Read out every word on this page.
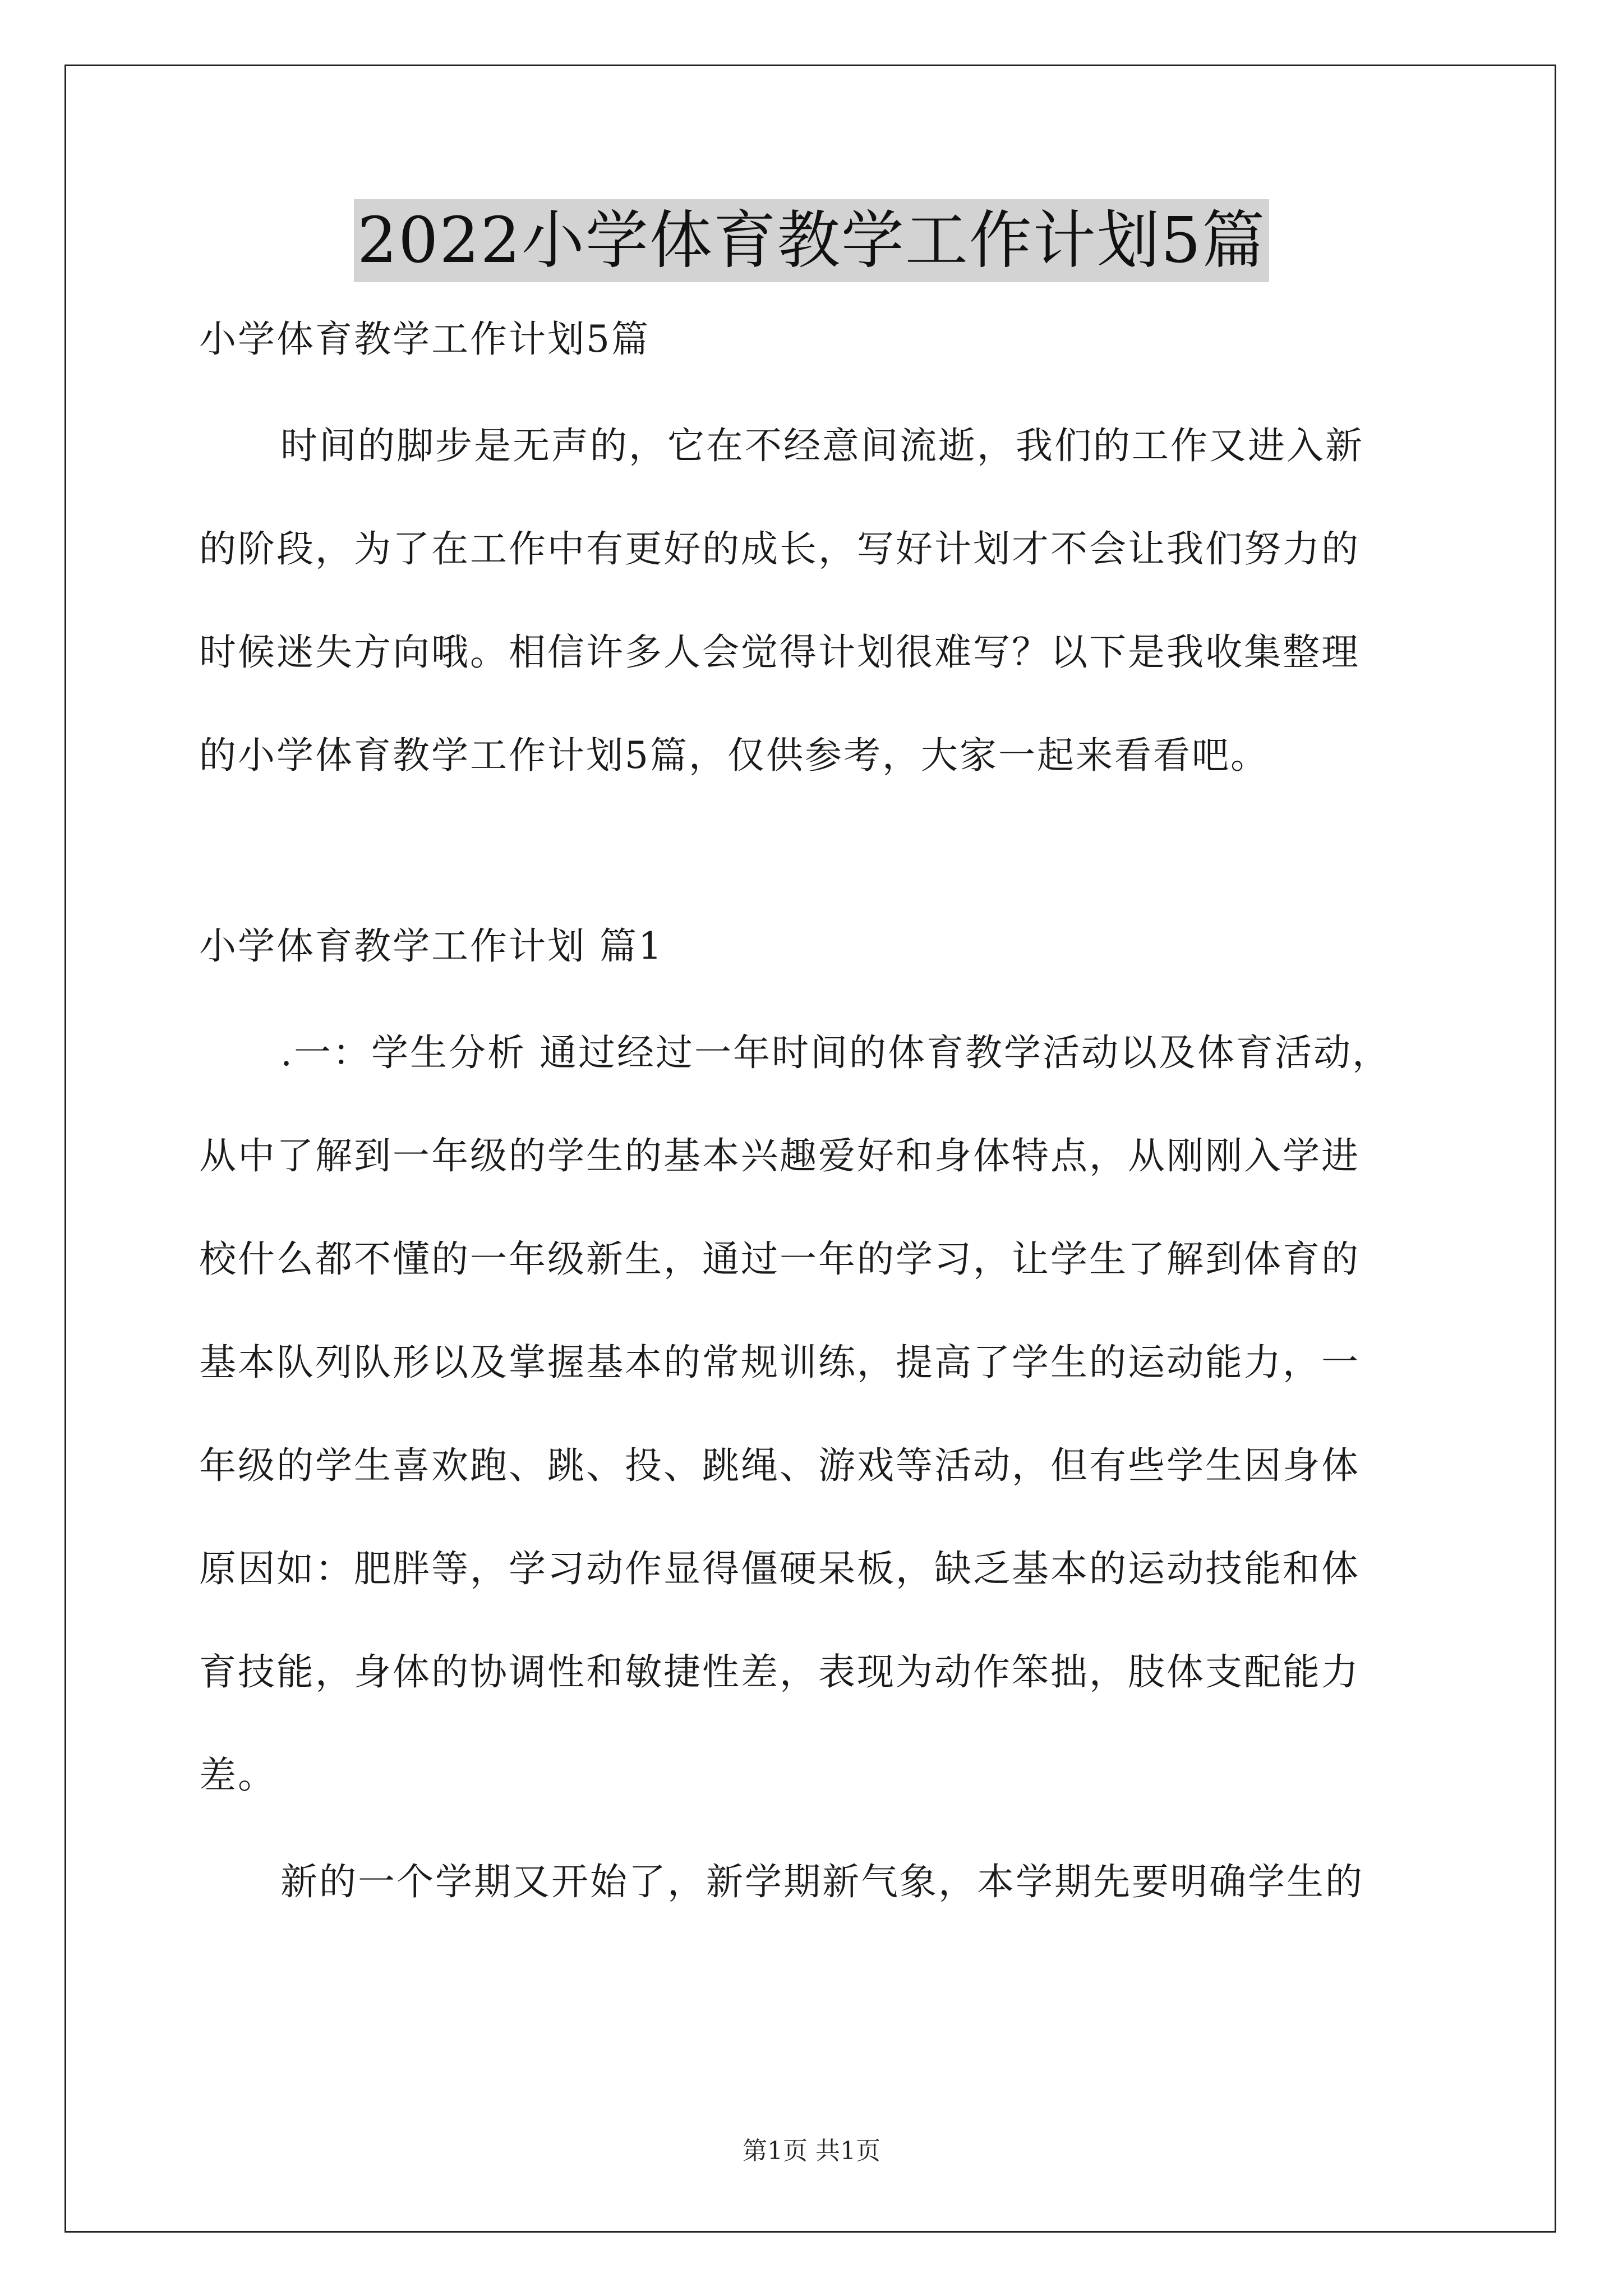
2022小学体育教学工作计划5篇
小学体育教学工作计划5篇
时间的脚步是无声的，它在不经意间流逝，我们的工作又进入新
的阶段，为了在工作中有更好的成长，写好计划才不会让我们努力的
时候迷失方向哦。相信许多人会觉得计划很难写？以下是我收集整理
的小学体育教学工作计划5篇，仅供参考，大家一起来看看吧。
小学体育教学工作计划 篇1
.一：学生分析 通过经过一年时间的体育教学活动以及体育活动，
从中了解到一年级的学生的基本兴趣爱好和身体特点，从刚刚入学进
校什么都不懂的一年级新生，通过一年的学习，让学生了解到体育的
基本队列队形以及掌握基本的常规训练，提高了学生的运动能力，一
年级的学生喜欢跑、跳、投、跳绳、游戏等活动，但有些学生因身体
原因如：肥胖等，学习动作显得僵硬呆板，缺乏基本的运动技能和体
育技能，身体的协调性和敏捷性差，表现为动作笨拙，肢体支配能力
差。
新的一个学期又开始了，新学期新气象，本学期先要明确学生的
第1页 共1页
